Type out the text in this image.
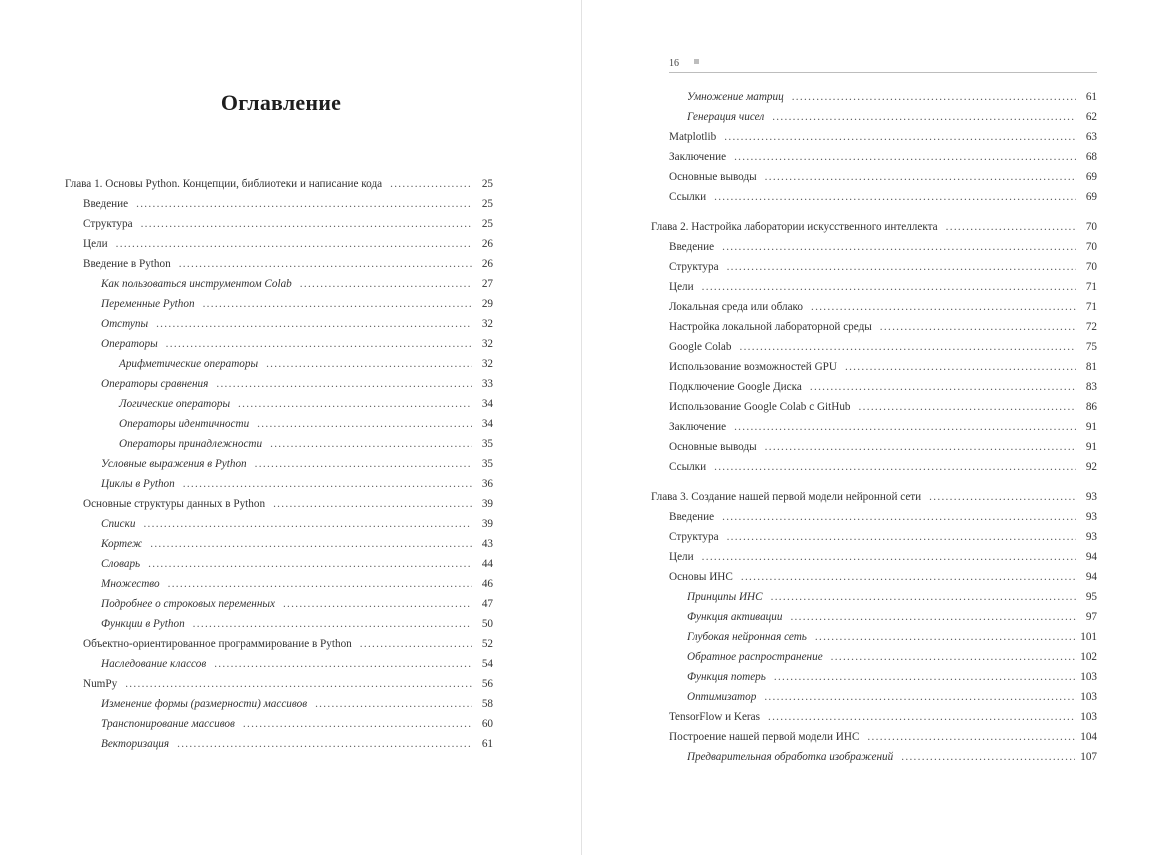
Оглавление
Глава 1. Основы Python. Концепции, библиотеки и написание кода .....	25
Введение .....	25
Структура .....	25
Цели .....	26
Введение в Python .....	26
Как пользоваться инструментом Colab .....	27
Переменные Python .....	29
Отступы .....	32
Операторы .....	32
Арифметические операторы .....	32
Операторы сравнения .....	33
Логические операторы .....	34
Операторы идентичности .....	34
Операторы принадлежности .....	35
Условные выражения в Python .....	35
Циклы в Python .....	36
Основные структуры данных в Python .....	39
Списки .....	39
Кортеж .....	43
Словарь .....	44
Множество .....	46
Подробнее о строковых переменных .....	47
Функции в Python .....	50
Объектно-ориентированное программирование в Python .....	52
Наследование классов .....	54
NumPy .....	56
Изменение формы (размерности) массивов .....	58
Транспонирование массивов .....	60
Векторизация .....	61
16
Умножение матриц .....	61
Генерация чисел .....	62
Matplotlib .....	63
Заключение .....	68
Основные выводы .....	69
Ссылки .....	69
Глава 2. Настройка лаборатории искусственного интеллекта .....	70
Введение .....	70
Структура .....	70
Цели .....	71
Локальная среда или облако .....	71
Настройка локальной лабораторной среды .....	72
Google Colab .....	75
Использование возможностей GPU .....	81
Подключение Google Диска .....	83
Использование Google Colab с GitHub .....	86
Заключение .....	91
Основные выводы .....	91
Ссылки .....	92
Глава 3. Создание нашей первой модели нейронной сети .....	93
Введение .....	93
Структура .....	93
Цели .....	94
Основы ИНС .....	94
Принципы ИНС .....	95
Функция активации .....	97
Глубокая нейронная сеть .....	101
Обратное распространение .....	102
Функция потерь .....	103
Оптимизатор .....	103
TensorFlow и Keras .....	103
Построение нашей первой модели ИНС .....	104
Предварительная обработка изображений .....	107
